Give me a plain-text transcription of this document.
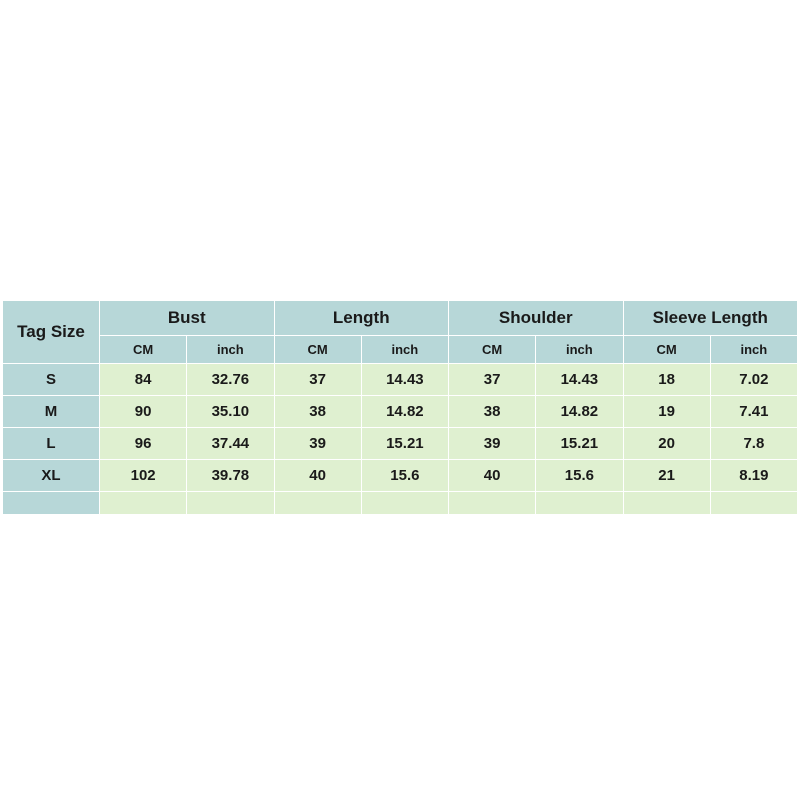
Tag Size	Bust		Length		Shoulder		Sleeve Length	
	CM	inch	CM	inch	CM	inch	CM	inch
S	84	32.76	37	14.43	37	14.43	18	7.02
M	90	35.10	38	14.82	38	14.82	19	7.41
L	96	37.44	39	15.21	39	15.21	20	7.8
XL	102	39.78	40	15.6	40	15.6	21	8.19
